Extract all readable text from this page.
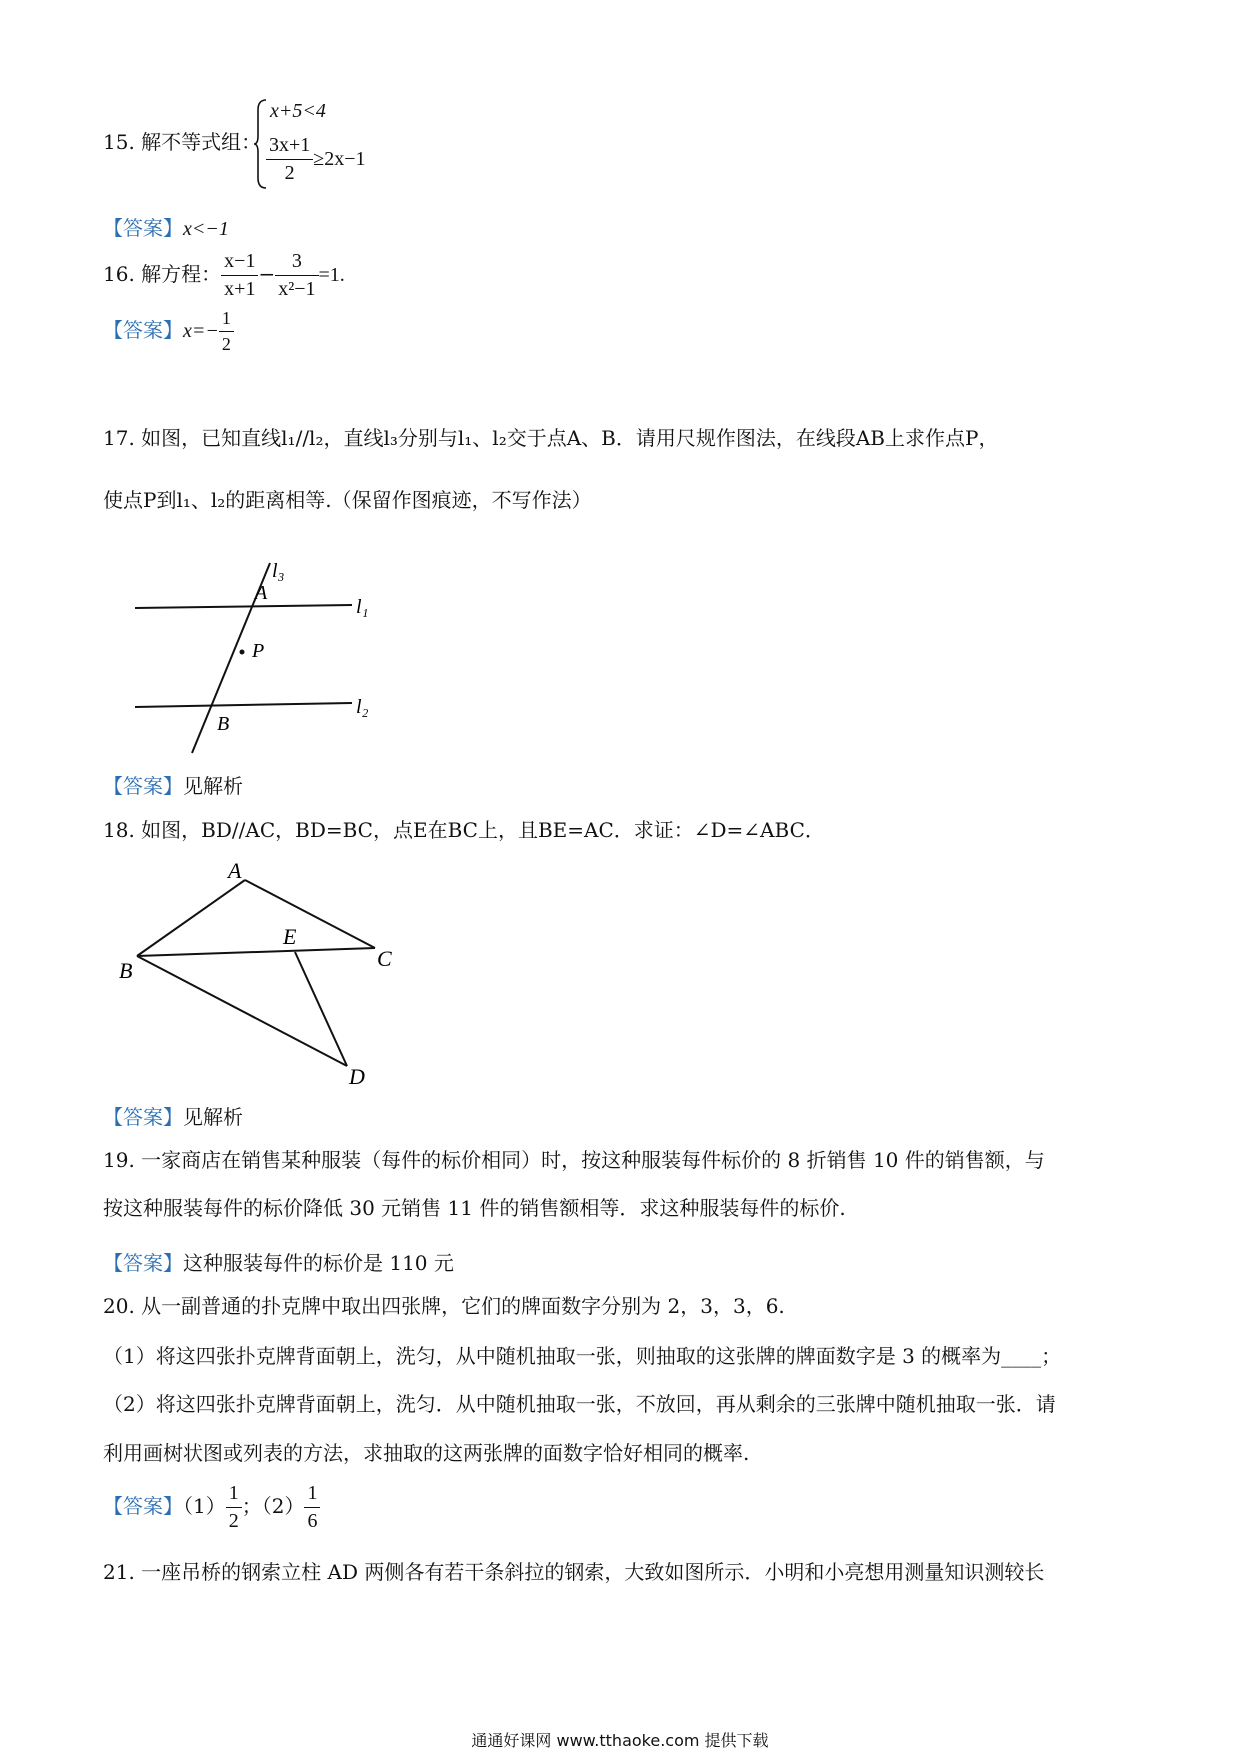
15. 解不等式组：
x+5<4
$\frac{3x+1}{2} \ge 2x-1$
【答案】x<−1
16. 解方程： $\frac{x-1}{x+1} - \frac{3}{\text{x²−1}} =1$.
【答案】$x=- \frac{1}{2}$
17. 如图，已知直线l₁//l₂，直线l₃分别与l₁、l₂交于点A、B．请用尺规作图法，在线段AB上求作点P，
使点P到l₁、l₂的距离相等.（保留作图痕迹，不写作法）
l₃
l₁
l₂
A
P
B
【答案】见解析
18. 如图，BD//AC，BD=BC，点E在BC上，且BE=AC．求证：∠D=∠ABC．
A
B	C
D
E
【答案】见解析
19. 一家商店在销售某种服装（每件的标价相同）时，按这种服装每件标价的 8 折销售 10 件的销售额，与
按这种服装每件的标价降低 30 元销售 11 件的销售额相等．求这种服装每件的标价.
【答案】这种服装每件的标价是 110 元
20. 从一副普通的扑克牌中取出四张牌，它们的牌面数字分别为 2，3，3，6.
（1）将这四张扑克牌背面朝上，洗匀，从中随机抽取一张，则抽取的这张牌的牌面数字是 3 的概率为____；
（2）将这四张扑克牌背面朝上，洗匀．从中随机抽取一张，不放回，再从剩余的三张牌中随机抽取一张．请
利用画树状图或列表的方法，求抽取的这两张牌的面数字恰好相同的概率.
【答案】$(1) \frac{1}{2}$ ；$(2) \frac{1}{6}$
21. 一座吊桥的钢索立柱 AD 两侧各有若干条斜拉的钢索，大致如图所示．小明和小亮想用测量知识测较长
通通好课网 www.tthaoke.com 提供下载
